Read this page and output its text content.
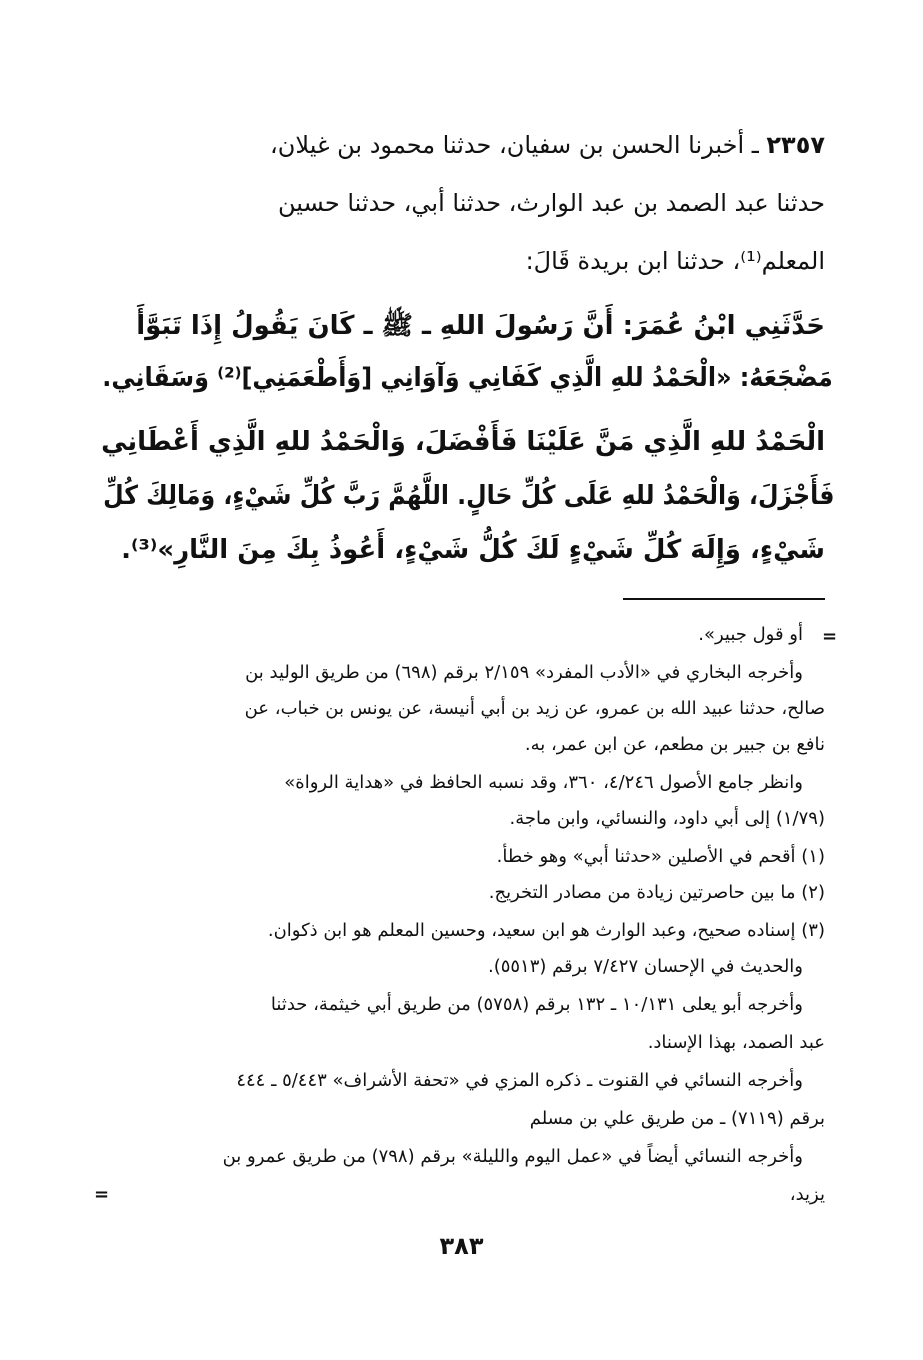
٢٣٥٧ ـ أخبرنا الحسن بن سفيان، حدثنا محمود بن غيلان،
حدثنا عبد الصمد بن عبد الوارث، حدثنا أبي، حدثنا حسين
المعلم⁽¹⁾، حدثنا ابن بريدة قَالَ:
حَدَّثَنِي ابْنُ عُمَرَ: أَنَّ رَسُولَ اللهِ ـ ﷺ ـ كَانَ يَقُولُ إِذَا تَبَوَّأَ
مَضْجَعَهُ: «الْحَمْدُ للهِ الَّذِي كَفَانِي وَآوَانِي [وَأَطْعَمَنِي]⁽²⁾ وَسَقَانِي.
الْحَمْدُ للهِ الَّذِي مَنَّ عَلَيْنَا فَأَفْضَلَ، وَالْحَمْدُ للهِ الَّذِي أَعْطَانِي
فَأَجْزَلَ، وَالْحَمْدُ للهِ عَلَى كُلِّ حَالٍ. اللَّهُمَّ رَبَّ كُلِّ شَيْءٍ، وَمَالِكَ كُلِّ
شَيْءٍ، وَإِلَهَ كُلِّ شَيْءٍ لَكَ كُلُّ شَيْءٍ، أَعُوذُ بِكَ مِنَ النَّارِ»⁽³⁾.
=
أو قول جبير».
وأخرجه البخاري في «الأدب المفرد» ٢/١٥٩ برقم (٦٩٨) من طريق الوليد بن
صالح، حدثنا عبيد الله بن عمرو، عن زيد بن أبي أنيسة، عن يونس بن خباب، عن
نافع بن جبير بن مطعم، عن ابن عمر، به.
وانظر جامع الأصول ٤/٢٤٦، ٣٦٠، وقد نسبه الحافظ في «هداية الرواة»
(١/٧٩) إلى أبي داود، والنسائي، وابن ماجة.
(١) أقحم في الأصلين «حدثنا أبي» وهو خطأ.
(٢) ما بين حاصرتين زيادة من مصادر التخريج.
(٣) إسناده صحيح، وعبد الوارث هو ابن سعيد، وحسين المعلم هو ابن ذكوان.
والحديث في الإحسان ٧/٤٢٧ برقم (٥٥١٣).
وأخرجه أبو يعلى ١٠/١٣١ ـ ١٣٢ برقم (٥٧٥٨) من طريق أبي خيثمة، حدثنا
عبد الصمد، بهذا الإسناد.
وأخرجه النسائي في القنوت ـ ذكره المزي في «تحفة الأشراف» ٥/٤٤٣ ـ ٤٤٤
برقم (٧١١٩) ـ من طريق علي بن مسلم
وأخرجه النسائي أيضاً في «عمل اليوم والليلة» برقم (٧٩٨) من طريق عمرو بن
يزيد،
=
٣٨٣
